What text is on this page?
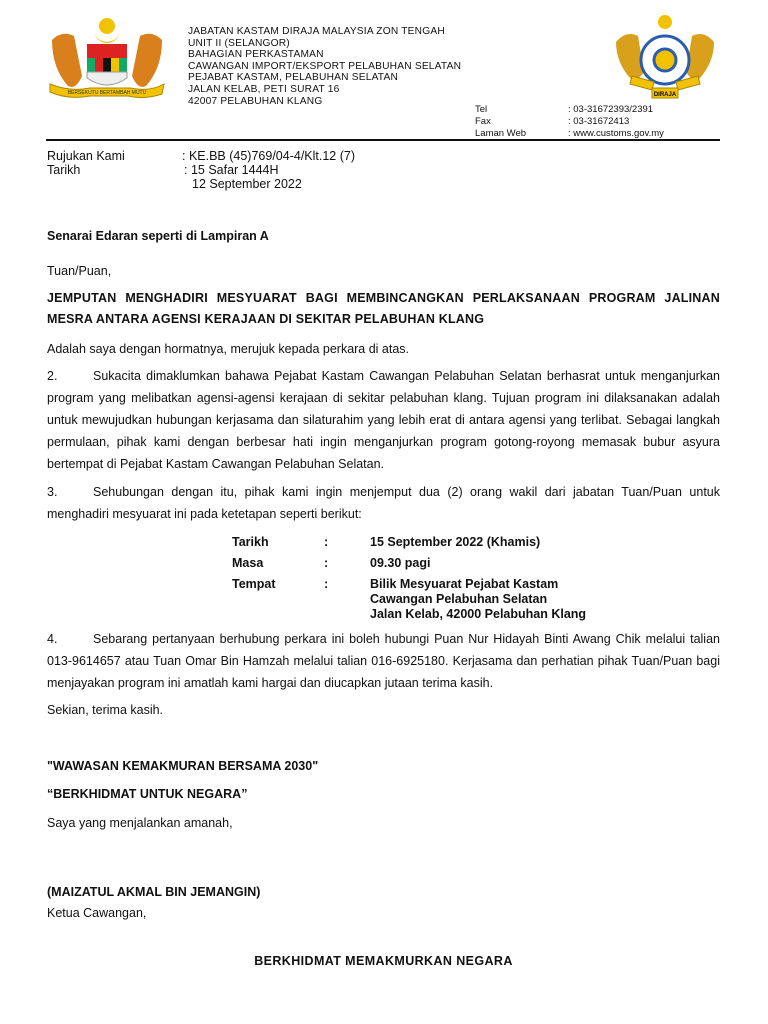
BERSEKUTU BERTAMBAH MUTU	DIRAJA
JABATAN KASTAM DIRAJA MALAYSIA ZON TENGAH
UNIT II (SELANGOR)
BAHAGIAN PERKASTAMAN
CAWANGAN IMPORT/EKSPORT PELABUHAN SELATAN
PEJABAT KASTAM, PELABUHAN SELATAN
JALAN KELAB, PETI SURAT 16
42007 PELABUHAN KLANG
Tel	: 03-31672393/2391
Fax	: 03-31672413
Laman Web	: www.customs.gov.my
Rujukan Kami	: KE.BB (45)769/04-4/Klt.12 (7)
Tarikh	: 15 Safar 1444H
12 September 2022
Senarai Edaran seperti di Lampiran A
Tuan/Puan,
JEMPUTAN MENGHADIRI MESYUARAT BAGI MEMBINCANGKAN PERLAKSANAAN PROGRAM JALINAN MESRA ANTARA AGENSI KERAJAAN DI SEKITAR PELABUHAN KLANG
Adalah saya dengan hormatnya, merujuk kepada perkara di atas.
2.	Sukacita dimaklumkan bahawa Pejabat Kastam Cawangan Pelabuhan Selatan berhasrat untuk menganjurkan program yang melibatkan agensi-agensi kerajaan di sekitar pelabuhan klang. Tujuan program ini dilaksanakan adalah untuk mewujudkan hubungan kerjasama dan silaturahim yang lebih erat di antara agensi yang terlibat. Sebagai langkah permulaan, pihak kami dengan berbesar hati ingin menganjurkan program gotong-royong memasak bubur asyura bertempat di Pejabat Kastam Cawangan Pelabuhan Selatan.
3.	Sehubungan dengan itu, pihak kami ingin menjemput dua (2) orang wakil dari jabatan Tuan/Puan untuk menghadiri mesyuarat ini pada ketetapan seperti berikut:
Tarikh	:	15 September 2022 (Khamis)
Masa	:	09.30 pagi
Tempat	:	Bilik Mesyuarat Pejabat Kastam
Cawangan Pelabuhan Selatan
Jalan Kelab, 42000 Pelabuhan Klang
4.	Sebarang pertanyaan berhubung perkara ini boleh hubungi Puan Nur Hidayah Binti Awang Chik melalui talian 013-9614657 atau Tuan Omar Bin Hamzah melalui talian 016-6925180. Kerjasama dan perhatian pihak Tuan/Puan bagi menjayakan program ini amatlah kami hargai dan diucapkan jutaan terima kasih.
Sekian, terima kasih.
"WAWASAN KEMAKMURAN BERSAMA 2030"
“BERKHIDMAT UNTUK NEGARA”
Saya yang menjalankan amanah,
(MAIZATUL AKMAL BIN JEMANGIN)
Ketua Cawangan,
BERKHIDMAT MEMAKMURKAN NEGARA
